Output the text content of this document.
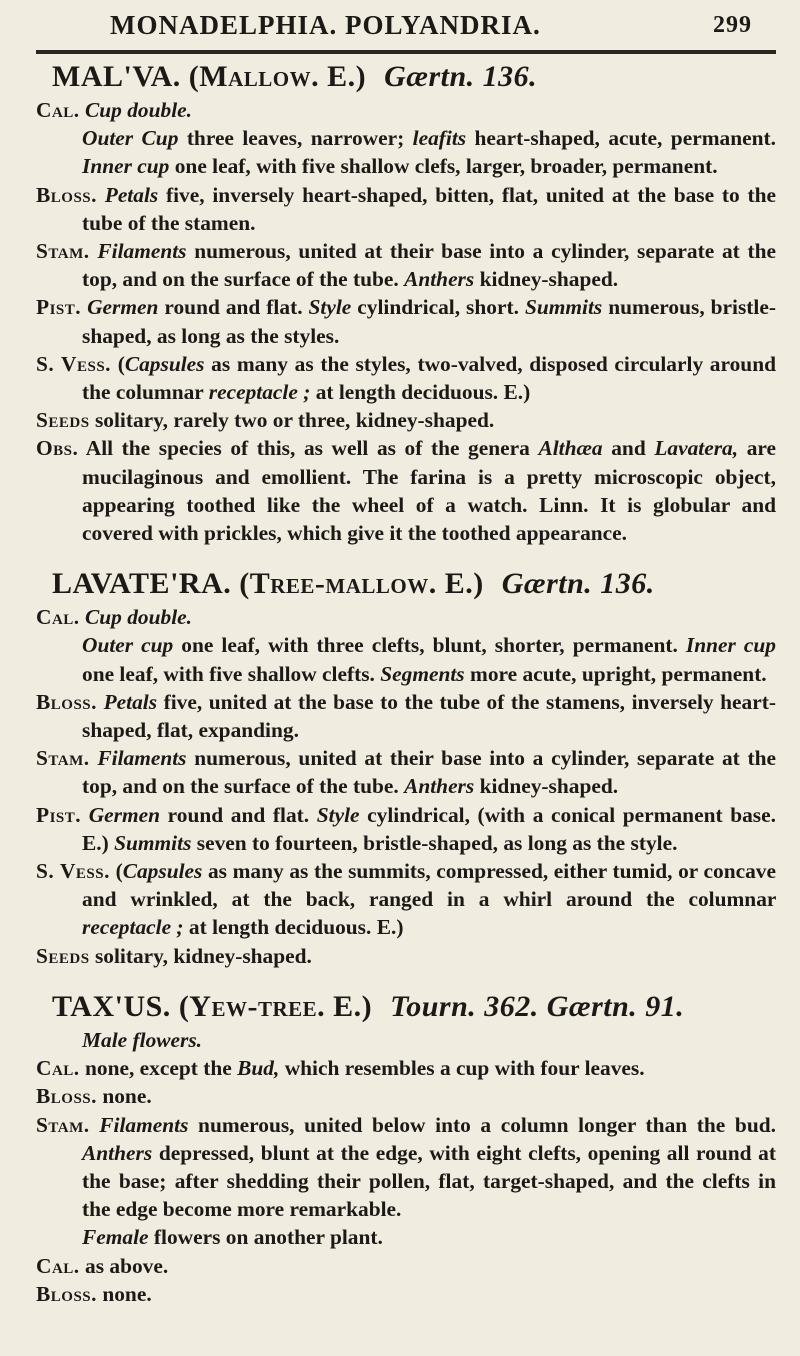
MONADELPHIA. POLYANDRIA.	299
MAL'VA. (Mallow. E.) Gærtn. 136.

Cal. Cup double.

Outer Cup three leaves, narrower; leafits heart-shaped, acute, permanent. Inner cup one leaf, with five shallow clefs, larger, broader, permanent.

Bloss. Petals five, inversely heart-shaped, bitten, flat, united at the base to the tube of the stamen.

Stam. Filaments numerous, united at their base into a cylinder, separate at the top, and on the surface of the tube. Anthers kidney-shaped.

Pist. Germen round and flat. Style cylindrical, short. Summits numerous, bristle-shaped, as long as the styles.

S. Vess. (Capsules as many as the styles, two-valved, disposed circularly around the columnar receptacle ; at length deciduous. E.)

Seeds solitary, rarely two or three, kidney-shaped.

Obs. All the species of this, as well as of the genera Althæa and Lavatera, are mucilaginous and emollient. The farina is a pretty microscopic object, appearing toothed like the wheel of a watch. Linn. It is globular and covered with prickles, which give it the toothed appearance.

LAVATE'RA. (Tree-mallow. E.) Gærtn. 136.

Cal. Cup double.

Outer cup one leaf, with three clefts, blunt, shorter, permanent. Inner cup one leaf, with five shallow clefts. Segments more acute, upright, permanent.

Bloss. Petals five, united at the base to the tube of the stamens, inversely heart-shaped, flat, expanding.

Stam. Filaments numerous, united at their base into a cylinder, separate at the top, and on the surface of the tube. Anthers kidney-shaped.

Pist. Germen round and flat. Style cylindrical, (with a conical permanent base. E.) Summits seven to fourteen, bristle-shaped, as long as the style.

S. Vess. (Capsules as many as the summits, compressed, either tumid, or concave and wrinkled, at the back, ranged in a whirl around the columnar receptacle ; at length deciduous. E.)

Seeds solitary, kidney-shaped.

TAX'US. (Yew-tree. E.) Tourn. 362. Gærtn. 91.

Male flowers.

Cal. none, except the Bud, which resembles a cup with four leaves.

Bloss. none.

Stam. Filaments numerous, united below into a column longer than the bud. Anthers depressed, blunt at the edge, with eight clefts, opening all round at the base; after shedding their pollen, flat, target-shaped, and the clefts in the edge become more remarkable.

Female flowers on another plant.

Cal. as above.

Bloss. none.
